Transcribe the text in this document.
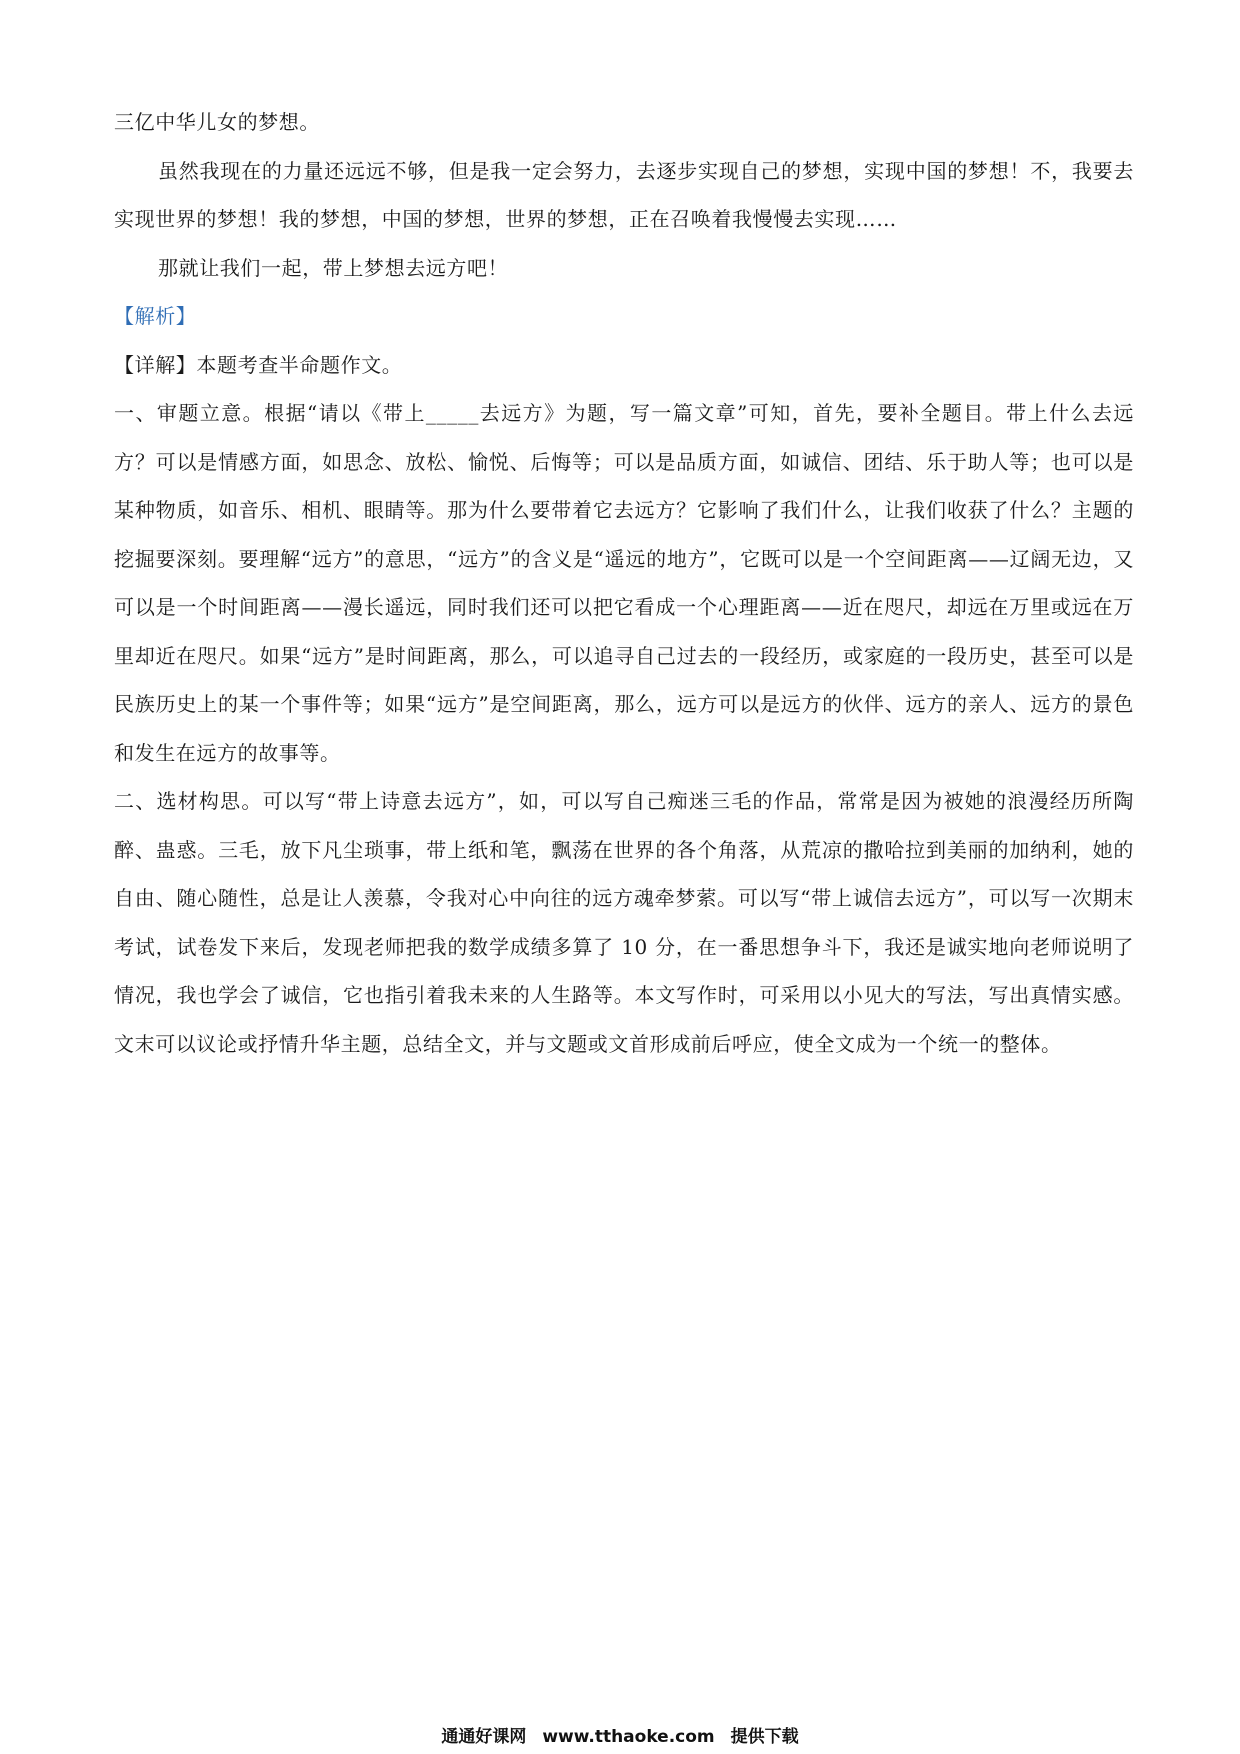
三亿中华儿女的梦想。

虽然我现在的力量还远远不够，但是我一定会努力，去逐步实现自己的梦想，实现中国的梦想！不，我要去实现世界的梦想！我的梦想，中国的梦想，世界的梦想，正在召唤着我慢慢去实现……

那就让我们一起，带上梦想去远方吧！

【解析】

【详解】本题考查半命题作文。

一、审题立意。根据“请以《带上_____去远方》为题，写一篇文章”可知，首先，要补全题目。带上什么去远方？可以是情感方面，如思念、放松、愉悦、后悔等；可以是品质方面，如诚信、团结、乐于助人等；也可以是某种物质，如音乐、相机、眼睛等。那为什么要带着它去远方？它影响了我们什么，让我们收获了什么？主题的挖掘要深刻。要理解“远方”的意思，“远方”的含义是“遥远的地方”，它既可以是一个空间距离——辽阔无边，又可以是一个时间距离——漫长遥远，同时我们还可以把它看成一个心理距离——近在咫尺，却远在万里或远在万里却近在咫尺。如果“远方”是时间距离，那么，可以追寻自己过去的一段经历，或家庭的一段历史，甚至可以是民族历史上的某一个事件等；如果“远方”是空间距离，那么，远方可以是远方的伙伴、远方的亲人、远方的景色和发生在远方的故事等。

二、选材构思。可以写“带上诗意去远方”，如，可以写自己痴迷三毛的作品，常常是因为被她的浪漫经历所陶醉、蛊惑。三毛，放下凡尘琐事，带上纸和笔，飘荡在世界的各个角落，从荒凉的撒哈拉到美丽的加纳利，她的自由、随心随性，总是让人羡慕，令我对心中向往的远方魂牵梦萦。可以写“带上诚信去远方”，可以写一次期末考试，试卷发下来后，发现老师把我的数学成绩多算了 10 分，在一番思想争斗下，我还是诚实地向老师说明了情况，我也学会了诚信，它也指引着我未来的人生路等。本文写作时，可采用以小见大的写法，写出真情实感。文末可以议论或抒情升华主题，总结全文，并与文题或文首形成前后呼应，使全文成为一个统一的整体。

通通好课网 www.tthaoke.com 提供下载
